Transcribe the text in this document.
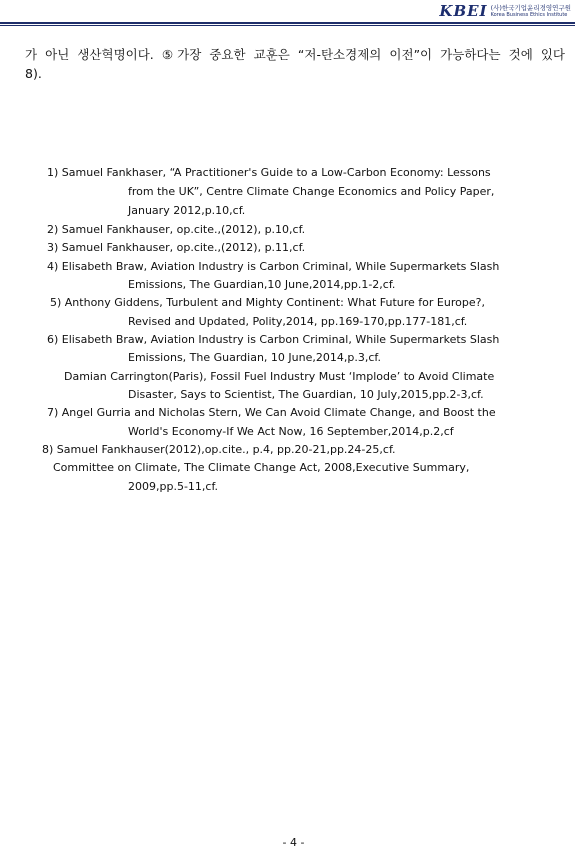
KBEI (사)한국기업윤리경영연구원
Korea Business Ethics Institute
가 아닌 생산혁명이다. ⑤가장 중요한 교훈은 “저-탄소경제의 이전”이 가능하다는 것에 있다
8).
1) Samuel Fankhaser, “A Practitioner's Guide to a Low-Carbon Economy: Lessons
from the UK”, Centre Climate Change Economics and Policy Paper,
January 2012,p.10,cf.
2) Samuel Fankhauser, op.cite.,(2012), p.10,cf.
3) Samuel Fankhauser, op.cite.,(2012), p.11,cf.
4) Elisabeth Braw, Aviation Industry is Carbon Criminal, While Supermarkets Slash
Emissions, The Guardian,10 June,2014,pp.1-2,cf.
5) Anthony Giddens, Turbulent and Mighty Continent: What Future for Europe?,
Revised and Updated, Polity,2014, pp.169-170,pp.177-181,cf.
6) Elisabeth Braw, Aviation Industry is Carbon Criminal, While Supermarkets Slash
Emissions, The Guardian, 10 June,2014,p.3,cf.
Damian Carrington(Paris), Fossil Fuel Industry Must ‘Implode’ to Avoid Climate
Disaster, Says to Scientist, The Guardian, 10 July,2015,pp.2-3,cf.
7) Angel Gurria and Nicholas Stern, We Can Avoid Climate Change, and Boost the
World's Economy-If We Act Now, 16 September,2014,p.2,cf
8) Samuel Fankhauser(2012),op.cite., p.4, pp.20-21,pp.24-25,cf.
Committee on Climate, The Climate Change Act, 2008,Executive Summary,
2009,pp.5-11,cf.
- 4 -
